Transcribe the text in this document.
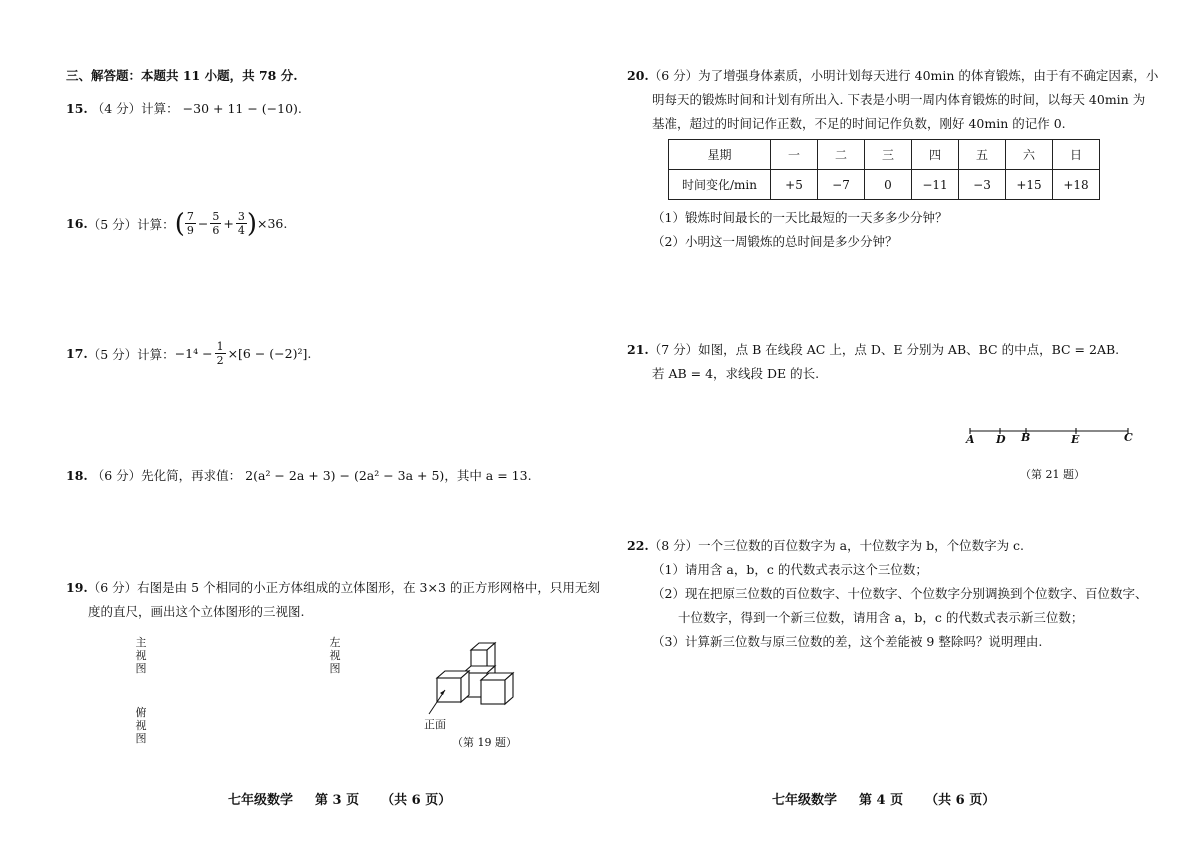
三、解答题：本题共 11 小题，共 78 分.
15. （4 分）计算： −30 + 11 − (−10).
16. （5 分）计算： ( 7
$9 - \frac{5}{6} + \frac{3}{4}$ ) ×36.
17. （5 分）计算： $-1^4 - \frac{1}{2} \times[6 - (-2)^2]$.
18. （6 分）先化简，再求值： 2(a² − 2a + 3) − (2a² − 3a + 5)，其中 a = 13.
19.（6 分）右图是由 5 个相同的小正方体组成的立体图形，在 3×3 的正方形网格中，只用无刻
度的直尺，画出这个立体图形的三视图.
主视图
左视图
俯视图
正面
（第 19 题）
七年级数学 第 3 页 （共 6 页）
20.（6 分）为了增强身体素质，小明计划每天进行 40min 的体育锻炼，由于有不确定因素，小
明每天的锻炼时间和计划有所出入. 下表是小明一周内体育锻炼的时间，以每天 40min 为
基准，超过的时间记作正数，不足的时间记作负数，刚好 40min 的记作 0.
星期	一	二	三	四	五	六	日
时间变化/min	+5	−7	0	−11	−3	+15	+18
（1）锻炼时间最长的一天比最短的一天多多少分钟？
（2）小明这一周锻炼的总时间是多少分钟？
21.（7 分）如图，点 B 在线段 AC 上，点 D、E 分别为 AB、BC 的中点，BC = 2AB.
若 AB = 4，求线段 DE 的长.
A D B	E	C
（第 21 题）
22.（8 分）一个三位数的百位数字为 a，十位数字为 b，个位数字为 c.
（1）请用含 a，b，c 的代数式表示这个三位数；
（2）现在把原三位数的百位数字、十位数字、个位数字分别调换到个位数字、百位数字、
十位数字，得到一个新三位数，请用含 a，b，c 的代数式表示新三位数；
（3）计算新三位数与原三位数的差，这个差能被 9 整除吗？说明理由.
七年级数学 第 4 页 （共 6 页）
